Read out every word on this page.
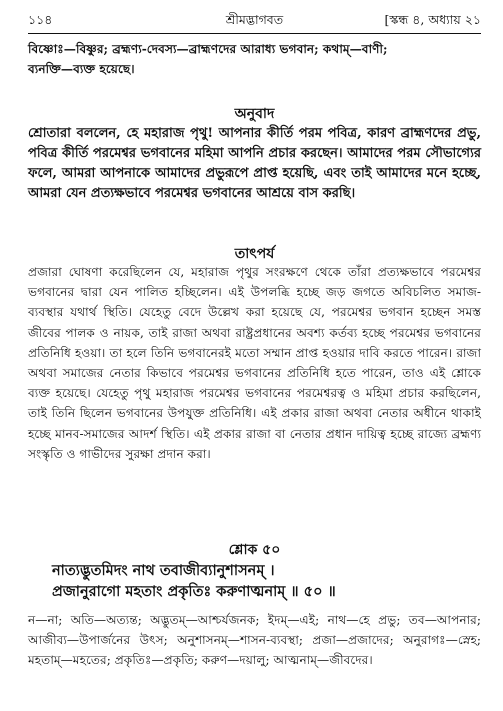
১১৪	শ্রীমদ্ভাগবত	[স্কন্ধ ৪, অধ্যায় ২১
বিষ্ণোঃ—বিষ্ণুর; ব্রহ্মণ্য-দেবস্য—ব্রাহ্মণদের আরাধ্য ভগবান; কথাম্—বাণী;
ব্যনক্তি—ব্যক্ত হয়েছে।
অনুবাদ
শ্রোতারা বললেন, হে মহারাজ পৃথু! আপনার কীর্তি পরম পবিত্র, কারণ ব্রাহ্মণদের প্রভু, পবিত্র কীর্তি পরমেশ্বর ভগবানের মহিমা আপনি প্রচার করছেন। আমাদের পরম সৌভাগ্যের ফলে, আমরা আপনাকে আমাদের প্রভুরূপে প্রাপ্ত হয়েছি, এবং তাই আমাদের মনে হচ্ছে, আমরা যেন প্রত্যক্ষভাবে পরমেশ্বর ভগবানের আশ্রয়ে বাস করছি।
তাৎপর্য
প্রজারা ঘোষণা করেছিলেন যে, মহারাজ পৃথুর সংরক্ষণে থেকে তাঁরা প্রত্যক্ষভাবে পরমেশ্বর ভগবানের দ্বারা যেন পালিত হচ্ছিলেন। এই উপলব্ধি হচ্ছে জড় জগতে অবিচলিত সমাজ-ব্যবস্থার যথার্থ স্থিতি। যেহেতু বেদে উল্লেখ করা হয়েছে যে, পরমেশ্বর ভগবান হচ্ছেন সমস্ত জীবের পালক ও নায়ক, তাই রাজা অথবা রাষ্ট্রপ্রধানের অবশ্য কর্তব্য হচ্ছে পরমেশ্বর ভগবানের প্রতিনিধি হওয়া। তা হলে তিনি ভগবানেরই মতো সম্মান প্রাপ্ত হওয়ার দাবি করতে পারেন। রাজা অথবা সমাজের নেতার কিভাবে পরমেশ্বর ভগবানের প্রতিনিধি হতে পারেন, তাও এই শ্লোকে ব্যক্ত হয়েছে। যেহেতু পৃথু মহারাজ পরমেশ্বর ভগবানের পরমেশ্বরত্ব ও মহিমা প্রচার করছিলেন, তাই তিনি ছিলেন ভগবানের উপযুক্ত প্রতিনিধি। এই প্রকার রাজা অথবা নেতার অধীনে থাকাই হচ্ছে মানব-সমাজের আদর্শ স্থিতি। এই প্রকার রাজা বা নেতার প্রধান দায়িত্ব হচ্ছে রাজ্যে ব্রহ্মণ্য সংস্কৃতি ও গাভীদের সুরক্ষা প্রদান করা।
শ্লোক ৫০
নাত্যদ্ভুতমিদং নাথ তবাজীব্যানুশাসনম্ ।
প্রজানুরাগো মহতাং প্রকৃতিঃ করুণাত্মনাম্ ॥ ৫০ ॥
ন—না; অতি—অত্যন্ত; অদ্ভুতম্—আশ্চর্যজনক; ইদম্—এই; নাথ—হে প্রভু; তব—আপনার; আজীব্য—উপার্জনের উৎস; অনুশাসনম্—শাসন-ব্যবস্থা; প্রজা—প্রজাদের; অনুরাগঃ—স্নেহ; মহতাম্—মহতের; প্রকৃতিঃ—প্রকৃতি; করুণ—দয়ালু; আত্মনাম্—জীবদের।
